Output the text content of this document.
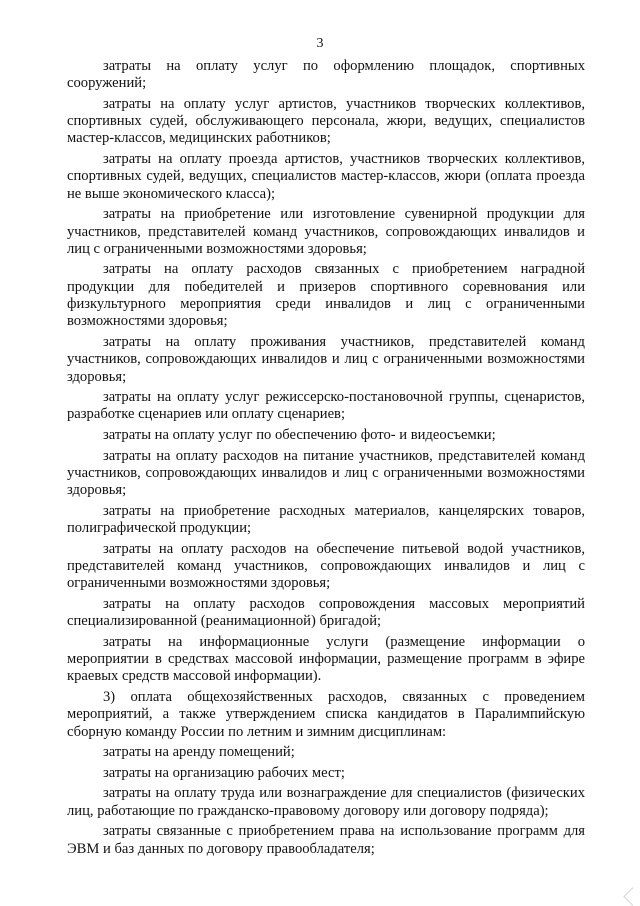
3

затраты на оплату услуг по оформлению площадок, спортивных сооружений;

затраты на оплату услуг артистов, участников творческих коллективов, спортивных судей, обслуживающего персонала, жюри, ведущих, специалистов мастер-классов, медицинских работников;

затраты на оплату проезда артистов, участников творческих коллективов, спортивных судей, ведущих, специалистов мастер-классов, жюри (оплата проезда не выше экономического класса);

затраты на приобретение или изготовление сувенирной продукции для участников, представителей команд участников, сопровождающих инвалидов и лиц с ограниченными возможностями здоровья;

затраты на оплату расходов связанных с приобретением наградной продукции для победителей и призеров спортивного соревнования или физкультурного мероприятия среди инвалидов и лиц с ограниченными возможностями здоровья;

затраты на оплату проживания участников, представителей команд участников, сопровождающих инвалидов и лиц с ограниченными возможностями здоровья;

затраты на оплату услуг режиссерско-постановочной группы, сценаристов, разработке сценариев или оплату сценариев;

затраты на оплату услуг по обеспечению фото- и видеосъемки;

затраты на оплату расходов на питание участников, представителей команд участников, сопровождающих инвалидов и лиц с ограниченными возможностями здоровья;

затраты на приобретение расходных материалов, канцелярских товаров, полиграфической продукции;

затраты на оплату расходов на обеспечение питьевой водой участников, представителей команд участников, сопровождающих инвалидов и лиц с ограниченными возможностями здоровья;

затраты на оплату расходов сопровождения массовых мероприятий специализированной (реанимационной) бригадой;

затраты на информационные услуги (размещение информации о мероприятии в средствах массовой информации, размещение программ в эфире краевых средств массовой информации).

3) оплата общехозяйственных расходов, связанных с проведением мероприятий, а также утверждением списка кандидатов в Паралимпийскую сборную команду России по летним и зимним дисциплинам:

затраты на аренду помещений;

затраты на организацию рабочих мест;

затраты на оплату труда или вознаграждение для специалистов (физических лиц, работающие по гражданско-правовому договору или договору подряда);

затраты связанные с приобретением права на использование программ для ЭВМ и баз данных по договору правообладателя;
